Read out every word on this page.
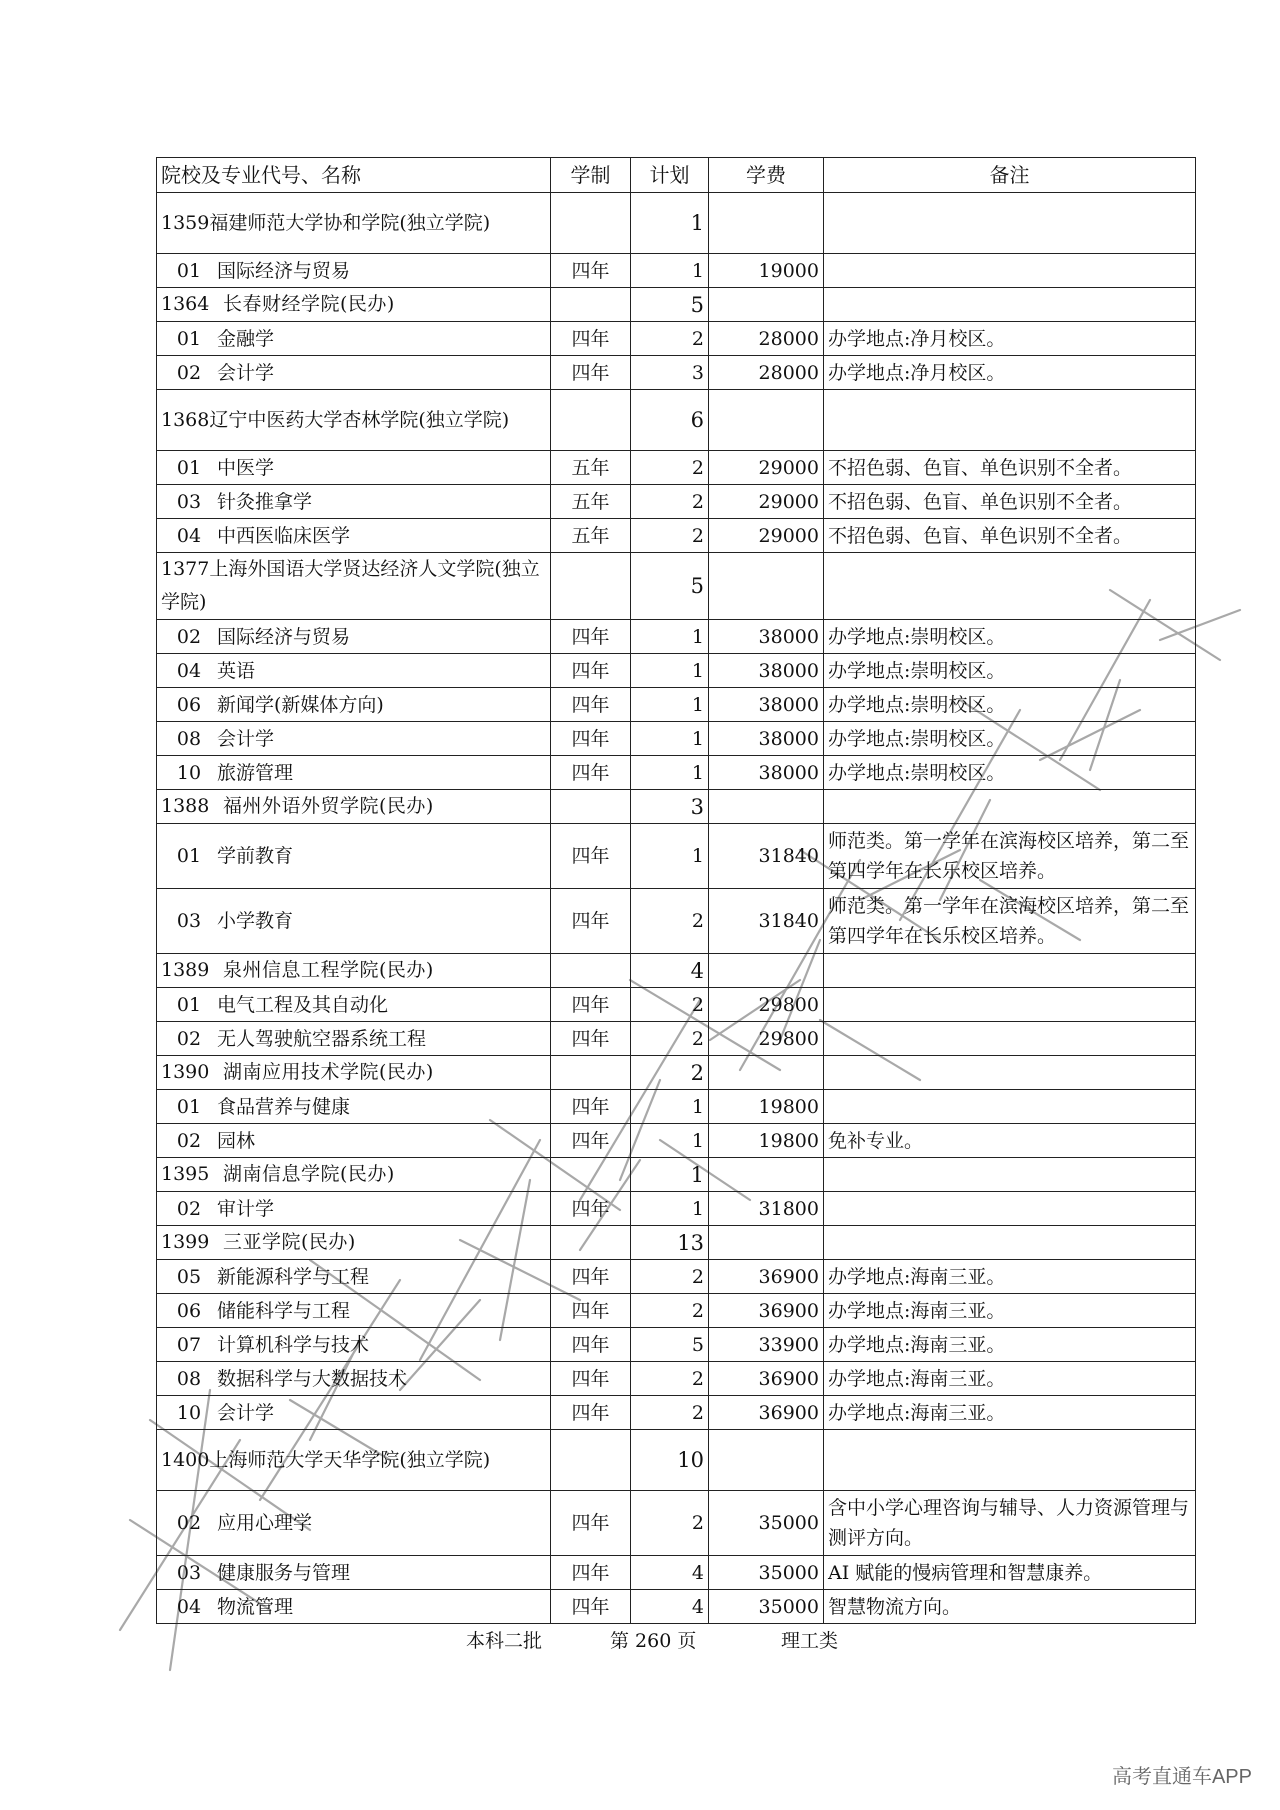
院校及专业代号、名称	学制	计划	学费	备注
1359福建师范大学协和学院(独立学院)		1		
01 国际经济与贸易	四年	1	19000	
1364 长春财经学院(民办)		5		
01 金融学	四年	2	28000	办学地点:净月校区。
02 会计学	四年	3	28000	办学地点:净月校区。
1368辽宁中医药大学杏林学院(独立学院)		6		
01 中医学	五年	2	29000	不招色弱、色盲、单色识别不全者。
03 针灸推拿学	五年	2	29000	不招色弱、色盲、单色识别不全者。
04 中西医临床医学	五年	2	29000	不招色弱、色盲、单色识别不全者。
1377上海外国语大学贤达经济人文学院(独立学院)		5		
02 国际经济与贸易	四年	1	38000	办学地点:崇明校区。
04 英语	四年	1	38000	办学地点:崇明校区。
06 新闻学(新媒体方向)	四年	1	38000	办学地点:崇明校区。
08 会计学	四年	1	38000	办学地点:崇明校区。
10 旅游管理	四年	1	38000	办学地点:崇明校区。
1388 福州外语外贸学院(民办)		3		
01 学前教育	四年	1	31840	师范类。第一学年在滨海校区培养，第二至第四学年在长乐校区培养。
03 小学教育	四年	2	31840	师范类。第一学年在滨海校区培养，第二至第四学年在长乐校区培养。
1389 泉州信息工程学院(民办)		4		
01 电气工程及其自动化	四年	2	29800	
02 无人驾驶航空器系统工程	四年	2	29800	
1390 湖南应用技术学院(民办)		2		
01 食品营养与健康	四年	1	19800	
02 园林	四年	1	19800	免补专业。
1395 湖南信息学院(民办)		1		
02 审计学	四年	1	31800	
1399 三亚学院(民办)		13		
05 新能源科学与工程	四年	2	36900	办学地点:海南三亚。
06 储能科学与工程	四年	2	36900	办学地点:海南三亚。
07 计算机科学与技术	四年	5	33900	办学地点:海南三亚。
08 数据科学与大数据技术	四年	2	36900	办学地点:海南三亚。
10 会计学	四年	2	36900	办学地点:海南三亚。
1400上海师范大学天华学院(独立学院)		10		
02 应用心理学	四年	2	35000	含中小学心理咨询与辅导、人力资源管理与测评方向。
03 健康服务与管理	四年	4	35000	AI 赋能的慢病管理和智慧康养。
04 物流管理	四年	4	35000	智慧物流方向。
本科二批	第 260 页	理工类
高考直通车APP
